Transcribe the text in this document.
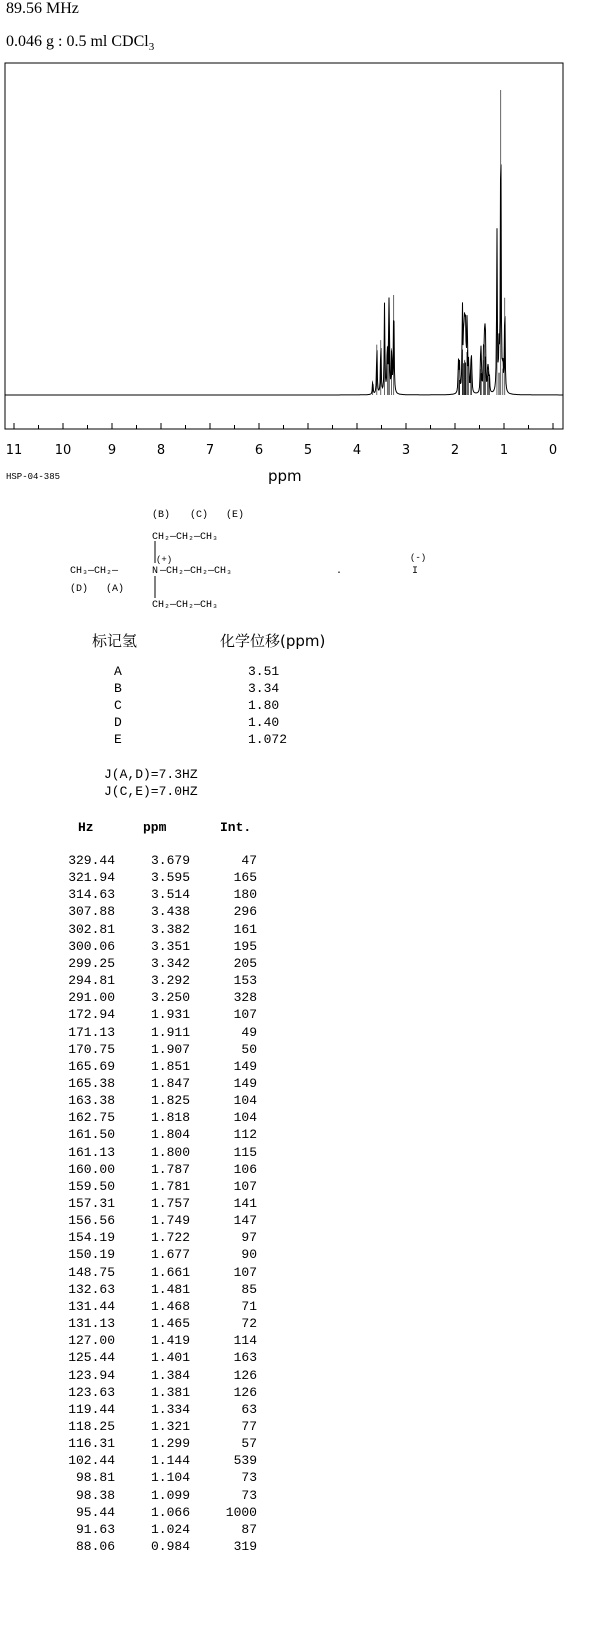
89.56 MHz
0.046 g : 0.5 ml CDCl$_3$
11 10	9	8	7	6	5	4	3	2	1	0
HSP-04-385	ppm
(B) (C) (E)
CH₂—CH₂—CH₃
(+)
CH₃—CH₂—	N —CH₂—CH₂—CH₃	.
(-)
I
(D) (A)
CH₂—CH₂—CH₃
标记氢	化学位移(ppm)
A	3.51
B	3.34
C	1.80
D	1.40
E	1.072
J(A,D)=7.3HZ
J(C,E)=7.0HZ
Hz	ppm	Int.
329.44	3.679	47
321.94	3.595	165
314.63	3.514	180
307.88	3.438	296
302.81	3.382	161
300.06	3.351	195
299.25	3.342	205
294.81	3.292	153
291.00	3.250	328
172.94	1.931	107
171.13	1.911	49
170.75	1.907	50
165.69	1.851	149
165.38	1.847	149
163.38	1.825	104
162.75	1.818	104
161.50	1.804	112
161.13	1.800	115
160.00	1.787	106
159.50	1.781	107
157.31	1.757	141
156.56	1.749	147
154.19	1.722	97
150.19	1.677	90
148.75	1.661	107
132.63	1.481	85
131.44	1.468	71
131.13	1.465	72
127.00	1.419	114
125.44	1.401	163
123.94	1.384	126
123.63	1.381	126
119.44	1.334	63
118.25	1.321	77
116.31	1.299	57
102.44	1.144	539
98.81	1.104	73
98.38	1.099	73
95.44	1.066	1000
91.63	1.024	87
88.06	0.984	319
